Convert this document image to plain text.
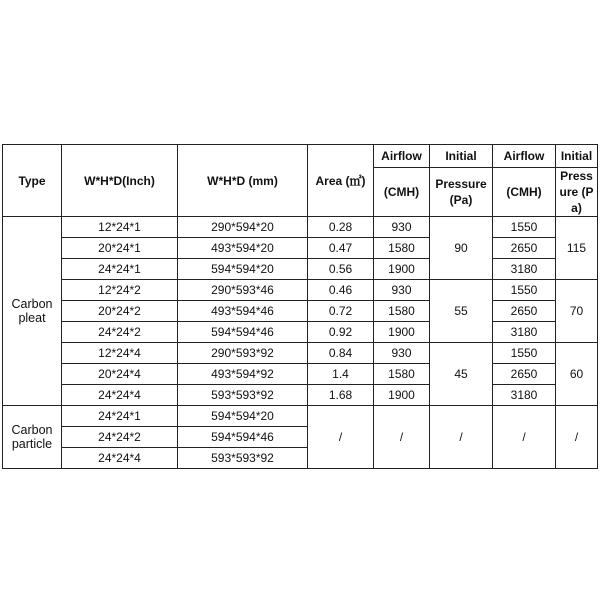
Type	W*H*D(Inch)	W*H*D (mm)	Area (㎡)	Airflow	Initial	Airflow	Initial
				(CMH)	Pressure (Pa)	(CMH)	Pressure (Pa)
Carbon
pleat	12*24*1	290*594*20	0.28	930	90	1550	115
	20*24*1	493*594*20	0.47	1580		2650	
	24*24*1	594*594*20	0.56	1900		3180	
	12*24*2	290*593*46	0.46	930	55	1550	70
	20*24*2	493*594*46	0.72	1580		2650	
	24*24*2	594*594*46	0.92	1900		3180	
	12*24*4	290*593*92	0.84	930	45	1550	60
	20*24*4	493*594*92	1.4	1580		2650	
	24*24*4	593*593*92	1.68	1900		3180	
Carbon
particle	24*24*1	594*594*20	/	/	/	/	/
	24*24*2	594*594*46					
	24*24*4	593*593*92					
